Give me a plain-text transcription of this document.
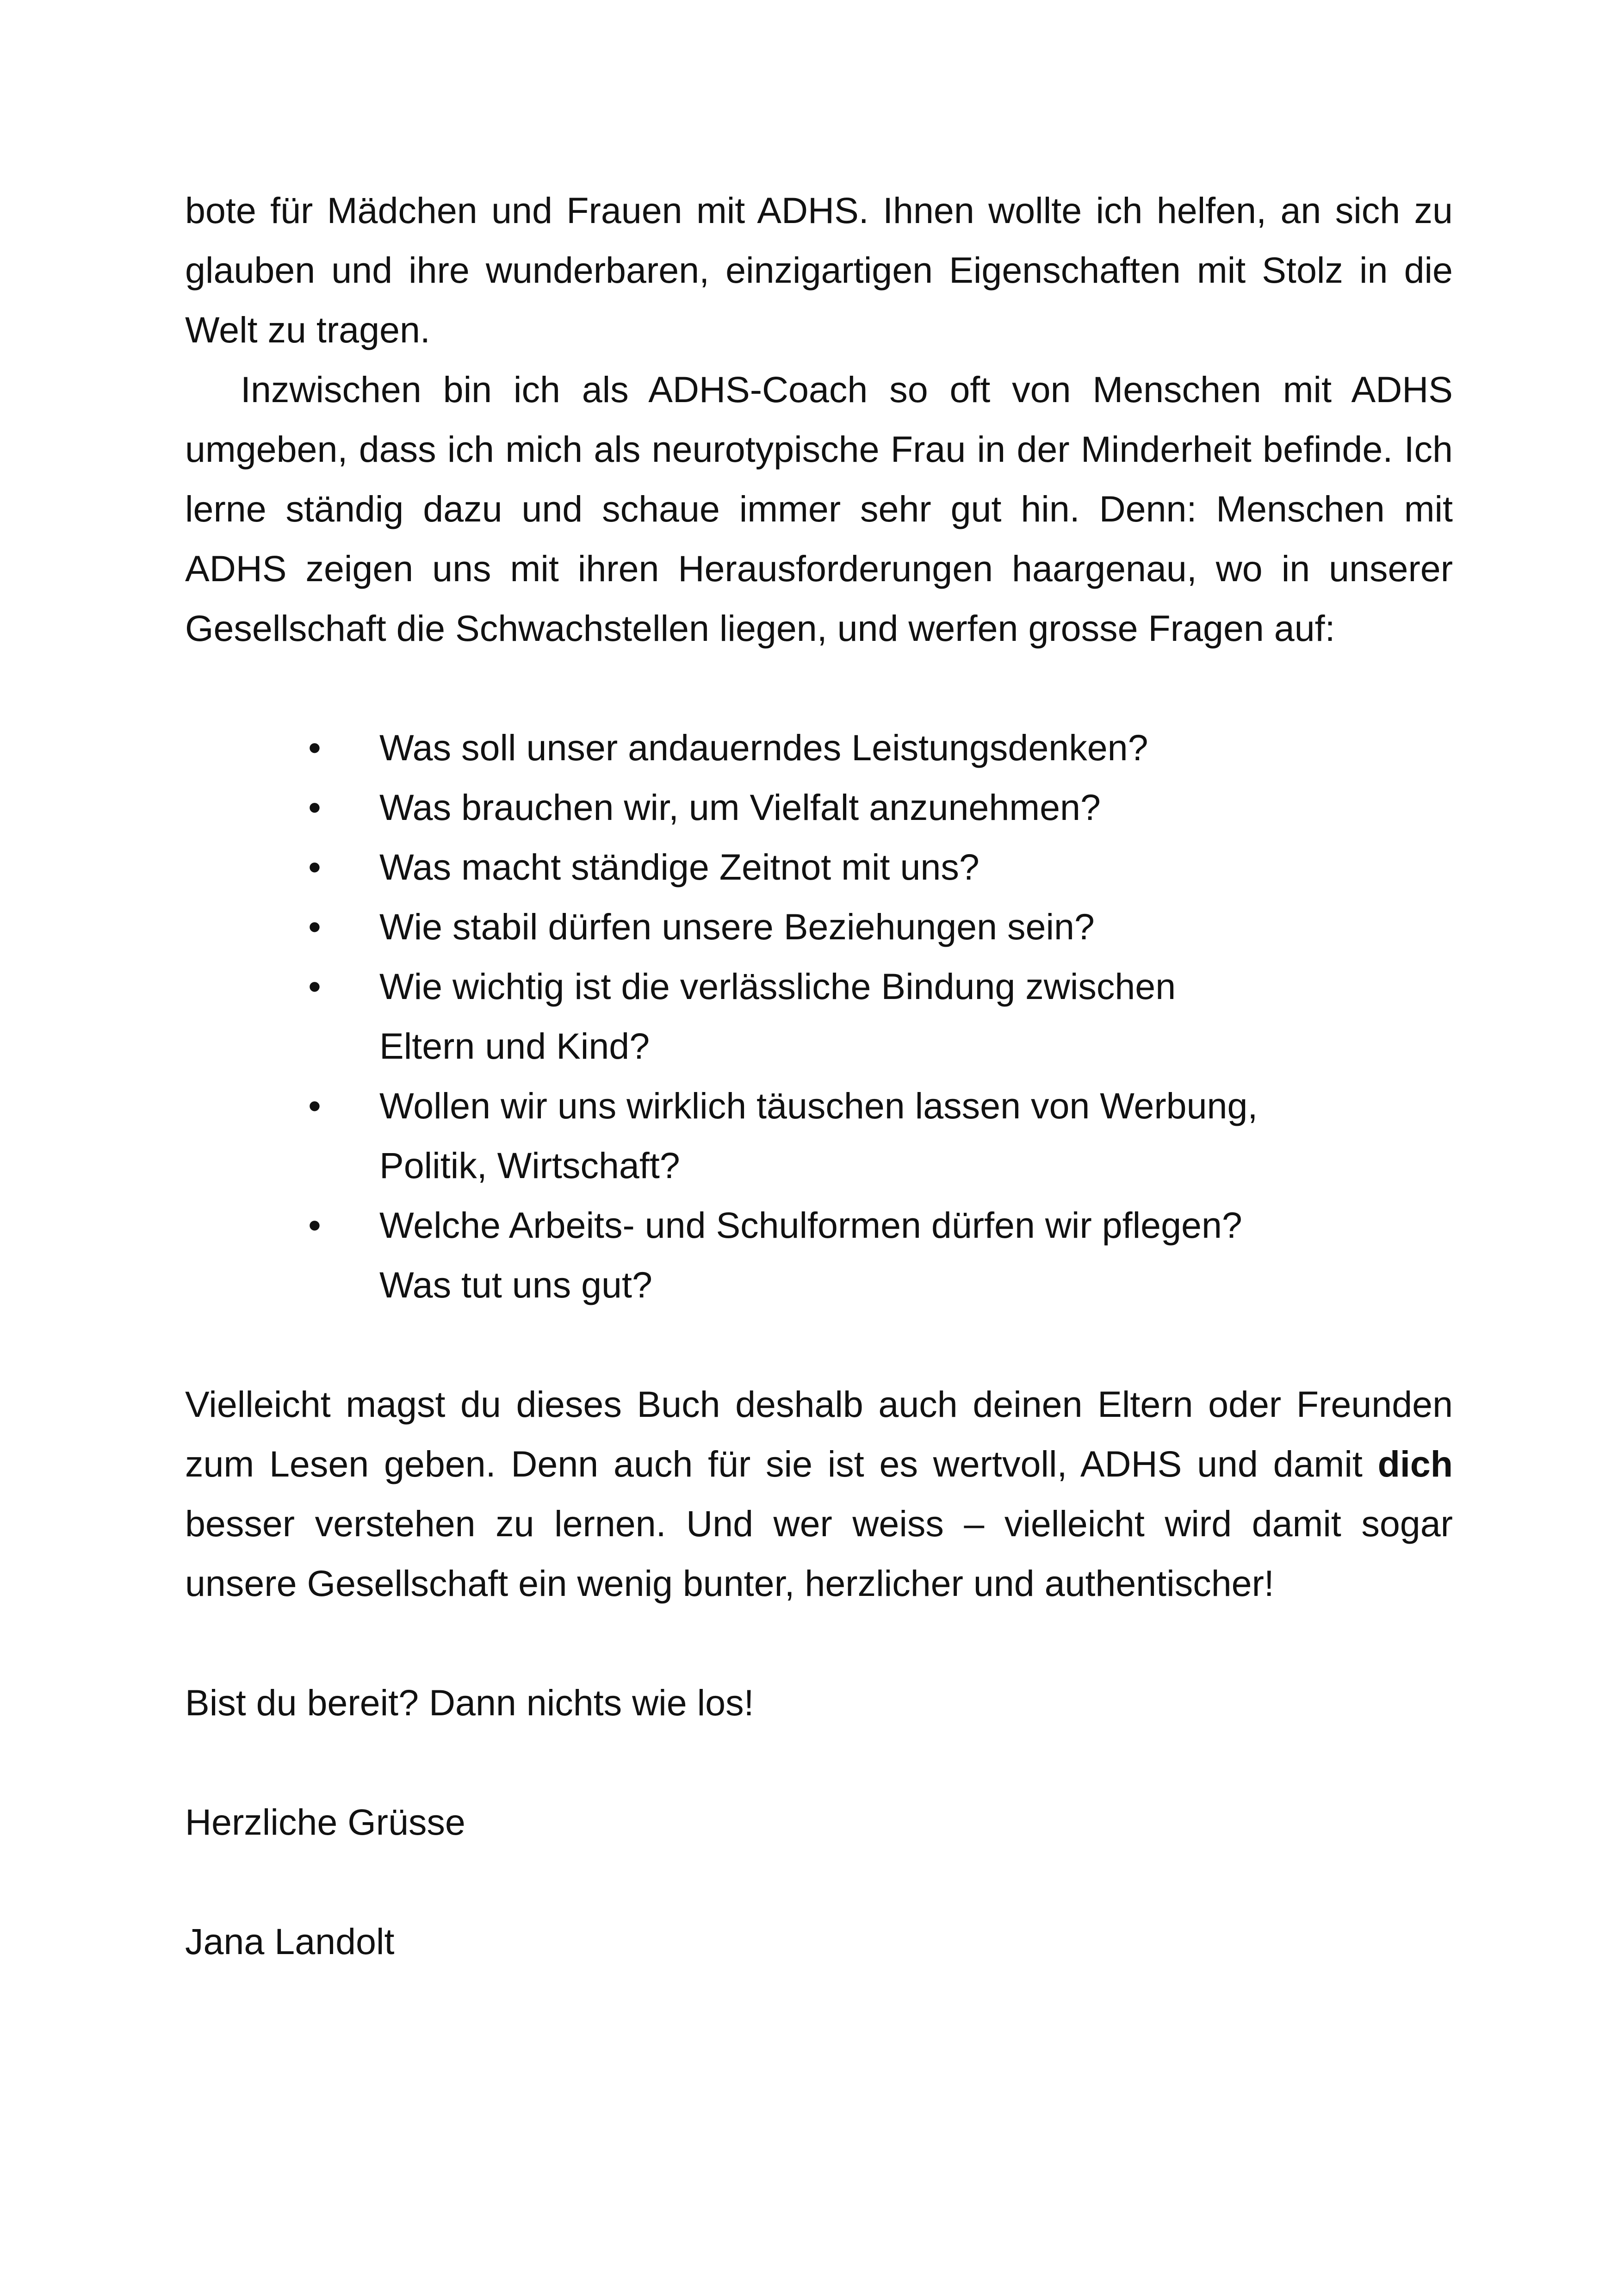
bote für Mädchen und Frauen mit ADHS. Ihnen wollte ich helfen, an sich zu glauben und ihre wunderbaren, einzigartigen Eigenschaften mit Stolz in die Welt zu tragen.

Inzwischen bin ich als ADHS-Coach so oft von Menschen mit ADHS umgeben, dass ich mich als neurotypische Frau in der Minderheit befinde. Ich lerne ständig dazu und schaue immer sehr gut hin. Denn: Menschen mit ADHS zeigen uns mit ihren Herausforderungen haargenau, wo in unserer Gesellschaft die Schwachstellen liegen, und werfen grosse Fragen auf:

• Was soll unser andauerndes Leistungsdenken?
• Was brauchen wir, um Vielfalt anzunehmen?
• Was macht ständige Zeitnot mit uns?
• Wie stabil dürfen unsere Beziehungen sein?
• Wie wichtig ist die verlässliche Bindung zwischen
Eltern und Kind?
• Wollen wir uns wirklich täuschen lassen von Werbung,
Politik, Wirtschaft?
• Welche Arbeits- und Schulformen dürfen wir pflegen?
Was tut uns gut?

Vielleicht magst du dieses Buch deshalb auch deinen Eltern oder Freunden zum Lesen geben. Denn auch für sie ist es wertvoll, ADHS und damit dich besser verstehen zu lernen. Und wer weiss – vielleicht wird damit sogar unsere Gesellschaft ein wenig bunter, herzlicher und authentischer!

Bist du bereit? Dann nichts wie los!

Herzliche Grüsse

Jana Landolt
